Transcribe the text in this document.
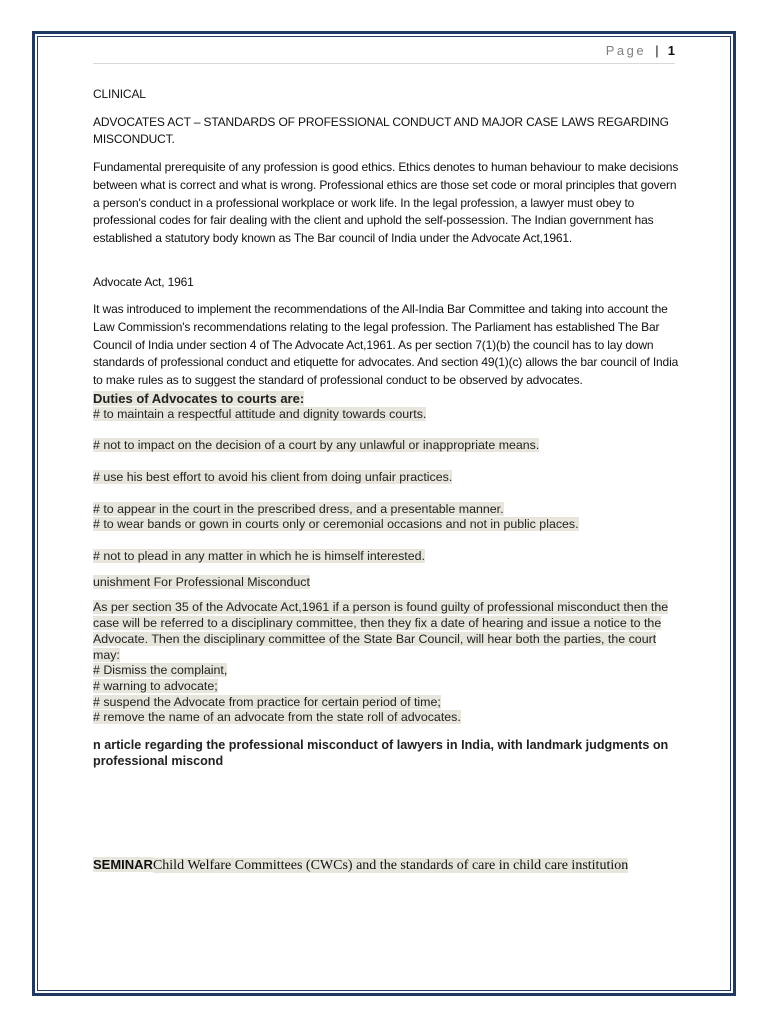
Page | 1

CLINICAL

ADVOCATES ACT – STANDARDS OF PROFESSIONAL CONDUCT AND MAJOR CASE LAWS REGARDING MISCONDUCT.

Fundamental prerequisite of any profession is good ethics. Ethics denotes to human behaviour to make decisions between what is correct and what is wrong. Professional ethics are those set code or moral principles that govern a person's conduct in a professional workplace or work life. In the legal profession, a lawyer must obey to professional codes for fair dealing with the client and uphold the self-possession. The Indian government has established a statutory body known as The Bar council of India under the Advocate Act,1961.

Advocate Act, 1961

It was introduced to implement the recommendations of the All-India Bar Committee and taking into account the Law Commission's recommendations relating to the legal profession. The Parliament has established The Bar Council of India under section 4 of The Advocate Act,1961. As per section 7(1)(b) the council has to lay down standards of professional conduct and etiquette for advocates. And section 49(1)(c) allows the bar council of India to make rules as to suggest the standard of professional conduct to be observed by advocates.

Duties of Advocates to courts are:

# to maintain a respectful attitude and dignity towards courts.

# not to impact on the decision of a court by any unlawful or inappropriate means.

# use his best effort to avoid his client from doing unfair practices.

# to appear in the court in the prescribed dress, and a presentable manner.

# to wear bands or gown in courts only or ceremonial occasions and not in public places.

# not to plead in any matter in which he is himself interested.

unishment For Professional Misconduct

As per section 35 of the Advocate Act,1961 if a person is found guilty of professional misconduct then the case will be referred to a disciplinary committee, then they fix a date of hearing and issue a notice to the Advocate. Then the disciplinary committee of the State Bar Council, will hear both the parties, the court may:

# Dismiss the complaint,

# warning to advocate;

# suspend the Advocate from practice for certain period of time;

# remove the name of an advocate from the state roll of advocates.

n article regarding the professional misconduct of lawyers in India, with landmark judgments on professional miscond

SEMINARChild Welfare Committees (CWCs) and the standards of care in child care institution
